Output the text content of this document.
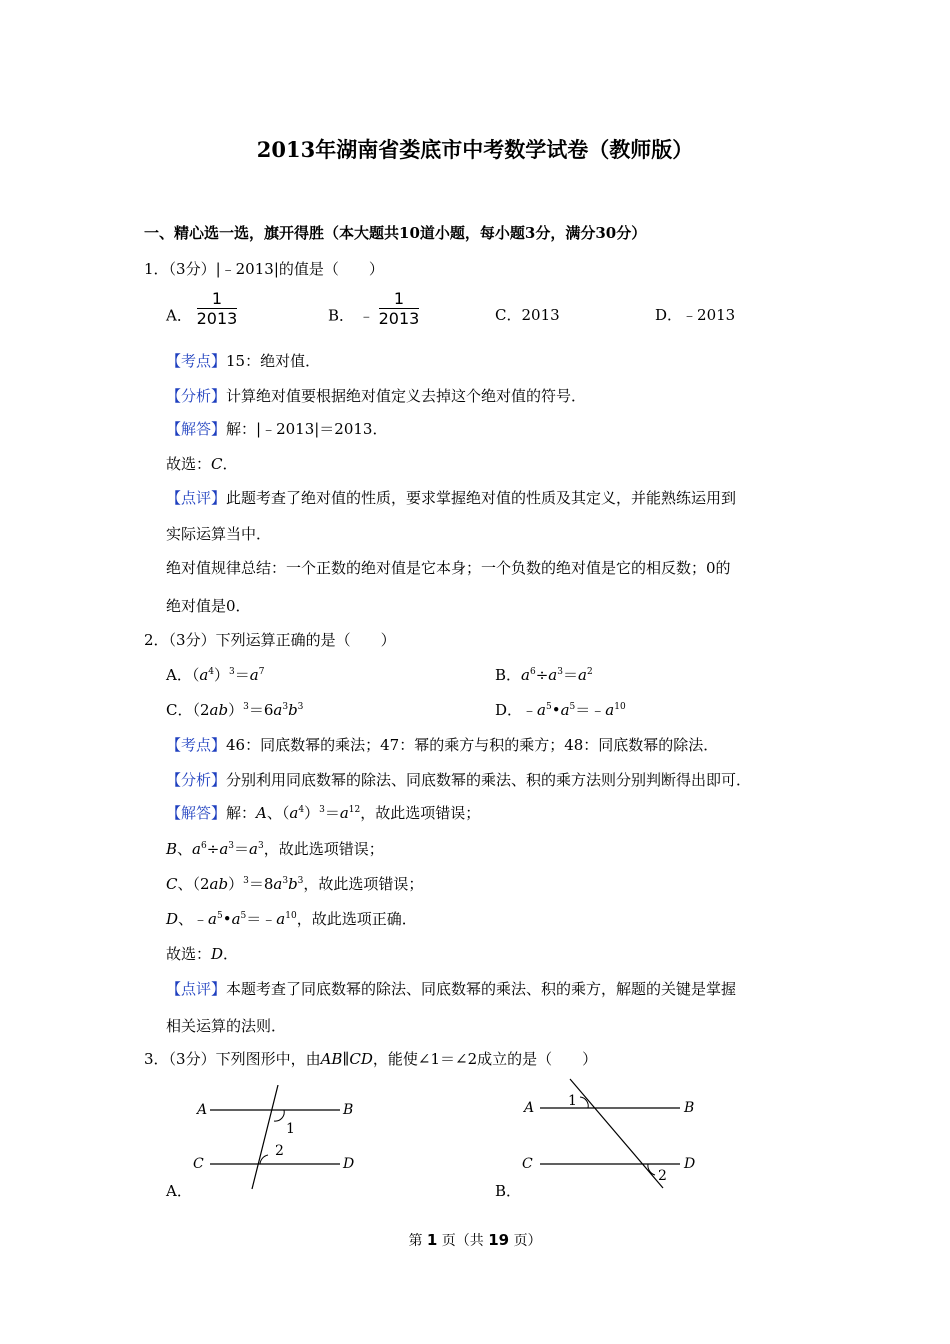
2013年湖南省娄底市中考数学试卷（教师版）
一、精心选一选，旗开得胜（本大题共10道小题，每小题3分，满分30分）
1．（3分）|﹣2013|的值是（　　）
A． $\frac{1}{2013}$	B． ﹣ $\frac{1}{2013}$	C．2013	D．﹣2013
【考点】15：绝对值．
【分析】计算绝对值要根据绝对值定义去掉这个绝对值的符号．
【解答】解：|﹣2013|＝2013．
故选：C．
【点评】此题考查了绝对值的性质，要求掌握绝对值的性质及其定义，并能熟练运用到
实际运算当中．
绝对值规律总结：一个正数的绝对值是它本身；一个负数的绝对值是它的相反数；0的
绝对值是0．
2．（3分）下列运算正确的是（　　）
A．$(a^4)^3=a^7$	B．$a^6\div a^3=a^2$
C．$(2ab)^3=6a^3b^3$	D．$﹣a^5•a^5=﹣a^{10}$
【考点】46：同底数幂的乘法；47：幂的乘方与积的乘方；48：同底数幂的除法．
【分析】分别利用同底数幂的除法、同底数幂的乘法、积的乘方法则分别判断得出即可．
【解答】解：A、$(a^4)^3=a^{12}$，故此选项错误；
B、$a^6\div a^3=a^3$，故此选项错误；
C、$(2ab)^3=8a^3b^3$，故此选项错误；
D、$﹣a^5•a^5=﹣a^{10}$，故此选项正确．
故选：D．
【点评】本题考查了同底数幂的除法、同底数幂的乘法、积的乘方，解题的关键是掌握
相关运算的法则．
3．（3分）下列图形中，由AB∥CD，能使∠1＝∠2成立的是（　　）
A	B
C	D
1
2
A．
A	B
C	D
1
2
B．
第 1 页（共 19 页）
